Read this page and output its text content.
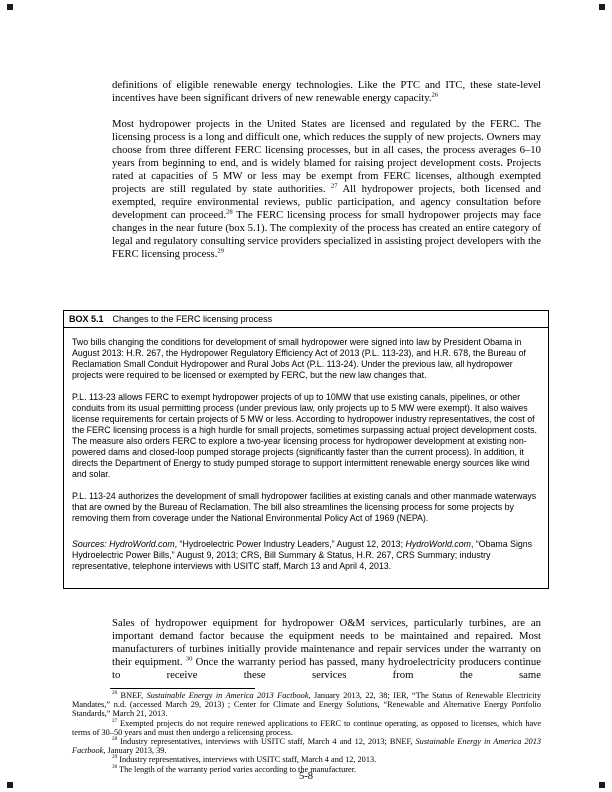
definitions of eligible renewable energy technologies. Like the PTC and ITC, these state-level incentives have been significant drivers of new renewable energy capacity.$^{26}$

Most hydropower projects in the United States are licensed and regulated by the FERC. The licensing process is a long and difficult one, which reduces the supply of new projects. Owners may choose from three different FERC licensing processes, but in all cases, the process averages 6–10 years from beginning to end, and is widely blamed for raising project development costs. Projects rated at capacities of 5 MW or less may be exempt from FERC licenses, although exempted projects are still regulated by state authorities. $^{27}$ All hydropower projects, both licensed and exempted, require environmental reviews, public participation, and agency consultation before development can proceed.$^{28}$ The FERC licensing process for small hydropower projects may face changes in the near future (box 5.1). The complexity of the process has created an entire category of legal and regulatory consulting service providers specialized in assisting project developers with the FERC licensing process.$^{29}$

BOX 5.1 Changes to the FERC licensing process

Two bills changing the conditions for development of small hydropower were signed into law by President Obama in August 2013: H.R. 267, the Hydropower Regulatory Efficiency Act of 2013 (P.L. 113-23), and H.R. 678, the Bureau of Reclamation Small Conduit Hydropower and Rural Jobs Act (P.L. 113-24). Under the previous law, all hydropower projects were required to be licensed or exempted by FERC, but the new law changes that.

P.L. 113-23 allows FERC to exempt hydropower projects of up to 10MW that use existing canals, pipelines, or other conduits from its usual permitting process (under previous law, only projects up to 5 MW were exempt). It also waives license requirements for certain projects of 5 MW or less. According to hydropower industry representatives, the cost of the FERC licensing process is a high hurdle for small projects, sometimes surpassing actual project development costs. The measure also orders FERC to explore a two-year licensing process for hydropower development at existing non-powered dams and closed-loop pumped storage projects (significantly faster than the current process). In addition, it directs the Department of Energy to study pumped storage to support intermittent renewable energy sources like wind and solar.

P.L. 113-24 authorizes the development of small hydropower facilities at existing canals and other manmade waterways that are owned by the Bureau of Reclamation. The bill also streamlines the licensing process for some projects by removing them from coverage under the National Environmental Policy Act of 1969 (NEPA).

Sources: HydroWorld.com, “Hydroelectric Power Industry Leaders,” August 12, 2013; HydroWorld.com, “Obama Signs Hydroelectric Power Bills,” August 9, 2013; CRS, Bill Summary & Status, H.R. 267, CRS Summary; industry representative, telephone interviews with USITC staff, March 13 and April 4, 2013.

Sales of hydropower equipment for hydropower O&M services, particularly turbines, are an important demand factor because the equipment needs to be maintained and repaired. Most manufacturers of turbines initially provide maintenance and repair services under the warranty on their equipment. $^{30}$ Once the warranty period has passed, many hydroelectricity producers continue to receive these services from the same

$^{26}$ BNEF, Sustainable Energy in America 2013 Factbook, January 2013, 22, 38; IER, “The Status of Renewable Electricity Mandates,” n.d. (accessed March 29, 2013) ; Center for Climate and Energy Solutions, “Renewable and Alternative Energy Portfolio Standards,” March 21, 2013.

$^{27}$ Exempted projects do not require renewed applications to FERC to continue operating, as opposed to licenses, which have terms of 30–50 years and must then undergo a relicensing process.

$^{28}$ Industry representatives, interviews with USITC staff, March 4 and 12, 2013; BNEF, Sustainable Energy in America 2013 Factbook, January 2013, 39.

$^{29}$ Industry representatives, interviews with USITC staff, March 4 and 12, 2013.

$^{30}$ The length of the warranty period varies according to the manufacturer.

5-8
